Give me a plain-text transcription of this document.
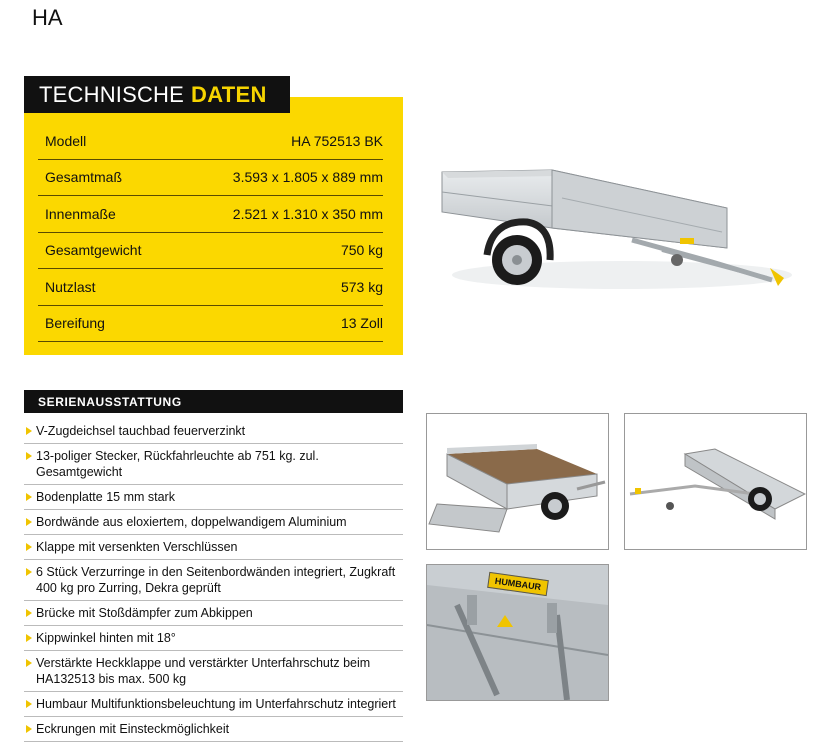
HA
TECHNISCHE DATEN
Modell	HA 752513 BK
Gesamtmaß	3.593 x 1.805 x 889 mm
Innenmaße	2.521 x 1.310 x 350 mm
Gesamtgewicht	750 kg
Nutzlast	573 kg
Bereifung	13 Zoll
SERIENAUSSTATTUNG
V-Zugdeichsel tauchbad feuerverzinkt
13-poliger Stecker, Rückfahrleuchte ab 751 kg. zul. Gesamtgewicht
Bodenplatte 15 mm stark
Bordwände aus eloxiertem, doppelwandigem Aluminium
Klappe mit versenkten Verschlüssen
6 Stück Verzurringe in den Seitenbordwänden integriert, Zugkraft 400 kg pro Zurring, Dekra geprüft
Brücke mit Stoßdämpfer zum Abkippen
Kippwinkel hinten mit 18°
Verstärkte Heckklappe und verstärkter Unterfahrschutz beim HA132513 bis max. 500 kg
Humbaur Multifunktionsbeleuchtung im Unterfahrschutz integriert
Eckrungen mit Einsteckmöglichkeit
HUMBAUR
